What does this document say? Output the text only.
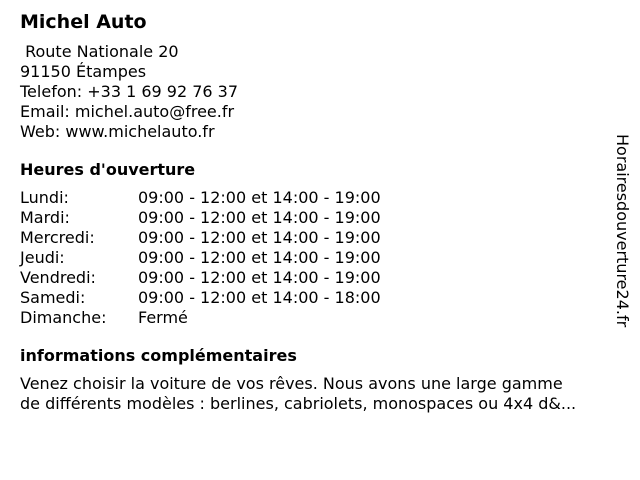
Michel Auto
Route Nationale 20
91150 Étampes
Telefon: +33 1 69 92 76 37
Email: michel.auto@free.fr
Web: www.michelauto.fr
Heures d'ouverture
Lundi:	09:00 - 12:00 et 14:00 - 19:00
Mardi:	09:00 - 12:00 et 14:00 - 19:00
Mercredi:	09:00 - 12:00 et 14:00 - 19:00
Jeudi:	09:00 - 12:00 et 14:00 - 19:00
Vendredi:	09:00 - 12:00 et 14:00 - 19:00
Samedi:	09:00 - 12:00 et 14:00 - 18:00
Dimanche: Fermé
informations complémentaires
Venez choisir la voiture de vos rêves. Nous avons une large gamme
de différents modèles : berlines, cabriolets, monospaces ou 4x4 d&...
Horairesdouverture24.fr
